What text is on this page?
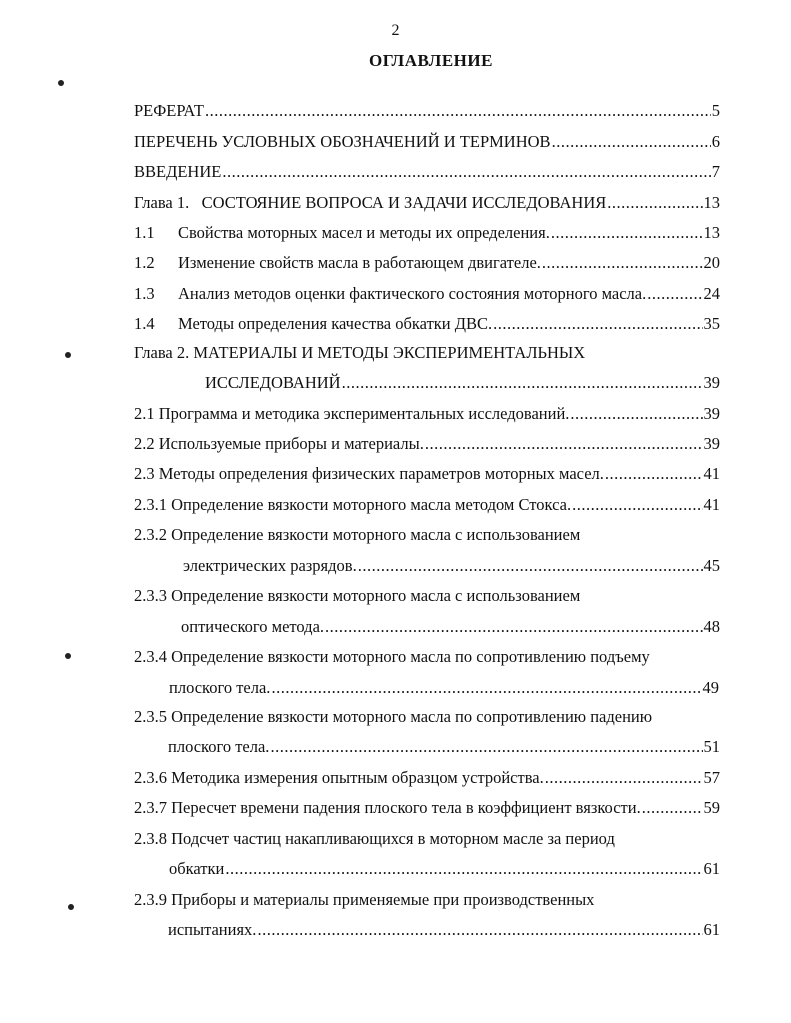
2
ОГЛАВЛЕНИЕ
РЕФЕРАТ .....	5
ПЕРЕЧЕНЬ УСЛОВНЫХ ОБОЗНАЧЕНИЙ И ТЕРМИНОВ .....	6
ВВЕДЕНИЕ .....	7
Глава 1.   СОСТОЯНИЕ ВОПРОСА И ЗАДАЧИ ИССЛЕДОВАНИЯ .....	13
1.1	Свойства моторных масел и методы их определения. .....	13
1.2	Изменение свойств масла в работающем двигателе. .....	20
1.3	Анализ методов оценки фактического состояния моторного масла. .....	24
1.4	Методы определения качества обкатки ДВС. .....	35
Глава 2. МАТЕРИАЛЫ И МЕТОДЫ ЭКСПЕРИМЕНТАЛЬНЫХ
ИССЛЕДОВАНИЙ .....	39
2.1 Программа и методика экспериментальных исследований. .....	39
2.2 Используемые приборы и материалы. .....	39
2.3 Методы определения физических параметров моторных масел. .....	41
2.3.1 Определение вязкости моторного масла методом Стокса. .....	41
2.3.2 Определение вязкости моторного масла с использованием
электрических разрядов. .....	45
2.3.3 Определение вязкости моторного масла с использованием
оптического метода. .....	48
2.3.4 Определение вязкости моторного масла по сопротивлению подъему
плоского тела. .....	49
2.3.5 Определение вязкости моторного масла по сопротивлению падению
плоского тела. .....	51
2.3.6 Методика измерения опытным образцом устройства. .....	57
2.3.7 Пересчет времени падения плоского тела в коэффициент вязкости. .....	59
2.3.8 Подсчет частиц накапливающихся в моторном масле за период
обкатки .....	61
2.3.9 Приборы и материалы применяемые при производственных
испытаниях. .....	61
